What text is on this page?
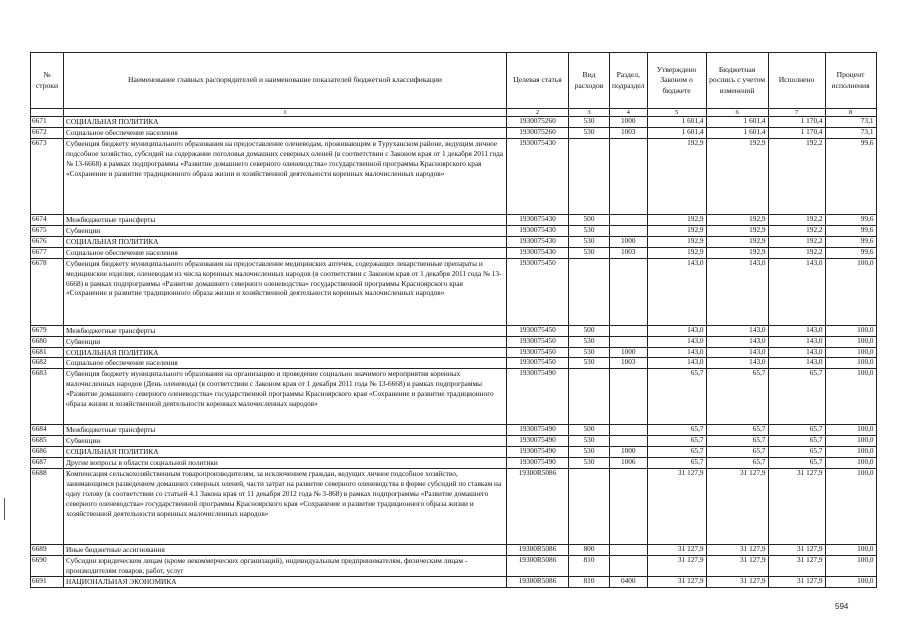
№ строки	Наименование главных распорядителей и наименование показателей бюджетной классификации	Целевая статья	Вид расходов	Раздел, подраздел	Утверждено Законом о бюджете	Бюджетная роспись с учетом изменений	Исполнено	Процент исполнения
	1	2	3	4	5	6	7	8
6671	СОЦИАЛЬНАЯ ПОЛИТИКА	1930075260	530	1000	1 601,4	1 601,4	1 170,4	73,1
6672	Социальное обеспечение населения	1930075260	530	1003	1 601,4	1 601,4	1 170,4	73,1
6673	Субвенция бюджету муниципального образования на предоставление оленеводам, проживающим в Туруханском районе, ведущим личное подсобное хозяйство, субсидий на содержание поголовья домашних северных оленей (в соответствии с Законом края от 1 декабря 2011 года № 13-6668) в рамках подпрограммы «Развитие домашнего северного оленеводства» государственной программы Красноярского края «Сохранение и развитие традиционного образа жизни и хозяйственной деятельности коренных малочисленных народов»	1930075430			192,9	192,9	192,2	99,6
6674	Межбюджетные трансферты	1930075430	500		192,9	192,9	192,2	99,6
6675	Субвенции	1930075430	530		192,9	192,9	192,2	99,6
6676	СОЦИАЛЬНАЯ ПОЛИТИКА	1930075430	530	1000	192,9	192,9	192,2	99,6
6677	Социальное обеспечение населения	1930075430	530	1003	192,9	192,9	192,2	99,6
6678	Субвенция бюджету муниципального образования на предоставление медицинских аптечек, содержащих лекарственные препараты и медицинские изделия, оленеводам из числа коренных малочисленных народов (в соответствии с Законом края от 1 декабря 2011 года № 13-6668) в рамках подпрограммы «Развитие домашнего северного оленеводства» государственной программы Красноярского края «Сохранение и развитие традиционного образа жизни и хозяйственной деятельности коренных малочисленных народов»	1930075450			143,0	143,0	143,0	100,0
6679	Межбюджетные трансферты	1930075450	500		143,0	143,0	143,0	100,0
6680	Субвенции	1930075450	530		143,0	143,0	143,0	100,0
6681	СОЦИАЛЬНАЯ ПОЛИТИКА	1930075450	530	1000	143,0	143,0	143,0	100,0
6682	Социальное обеспечение населения	1930075450	530	1003	143,0	143,0	143,0	100,0
6683	Субвенция бюджету муниципального образования на организацию и проведение социально значимого мероприятия коренных малочисленных народов (День оленевода) (в соответствии с Законом края от 1 декабря 2011 года № 13-6668) в рамках подпрограммы «Развитие домашнего северного оленеводства» государственной программы Красноярского края «Сохранение и развитие традиционного образа жизни и хозяйственной деятельности коренных малочисленных народов»	1930075490			65,7	65,7	65,7	100,0
6684	Межбюджетные трансферты	1930075490	500		65,7	65,7	65,7	100,0
6685	Субвенции	1930075490	530		65,7	65,7	65,7	100,0
6686	СОЦИАЛЬНАЯ ПОЛИТИКА	1930075490	530	1000	65,7	65,7	65,7	100,0
6687	Другие вопросы в области социальной политики	1930075490	530	1006	65,7	65,7	65,7	100,0
6688	Компенсация сельскохозяйственным товаропроизводителям, за исключением граждан, ведущих личное подсобное хозяйство, занимающимся разведением домашних северных оленей, части затрат на развитие северного оленеводства в форме субсидий по ставкам на одну голову (в соответствии со статьей 4.1 Закона края от 11 декабря 2012 года № 3-868) в рамках подпрограммы «Развитие домашнего северного оленеводства» государственной программы Красноярского края «Сохранение и развитие традиционного образа жизни и хозяйственной деятельности коренных малочисленных народов»	19300R5086			31 127,9	31 127,9	31 127,9	100,0
6689	Иные бюджетные ассигнования	19300R5086	800		31 127,9	31 127,9	31 127,9	100,0
6690	Субсидии юридическим лицам (кроме некоммерческих организаций), индивидуальным предпринимателям, физическим лицам - производителям товаров, работ, услуг	19300R5086	810		31 127,9	31 127,9	31 127,9	100,0
6691	НАЦИОНАЛЬНАЯ ЭКОНОМИКА	19300R5086	810	0400	31 127,9	31 127,9	31 127,9	100,0
594
